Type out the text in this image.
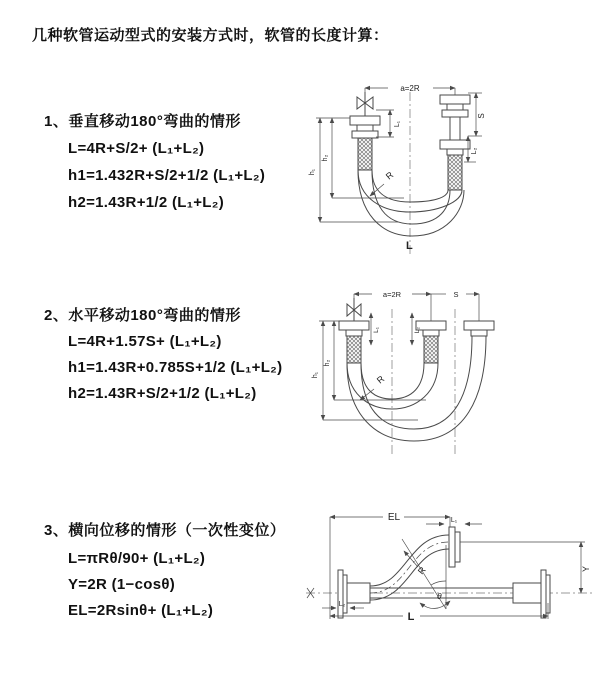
几种软管运动型式的安装方式时，软管的长度计算：
1、垂直移动180°弯曲的情形
L=4R+S/2+ (L₁+L₂)
h1=1.432R+S/2+1/2 (L₁+L₂)
h2=1.43R+1/2 (L₁+L₂)
2、水平移动180°弯曲的情形
L=4R+1.57S+ (L₁+L₂)
h1=1.43R+0.785S+1/2 (L₁+L₂)
h2=1.43R+S/2+1/2 (L₁+L₂)
3、横向位移的情形（一次性变位）
L=πRθ/90+ (L₁+L₂)
Y=2R (1−cosθ)
EL=2Rsinθ+ (L₁+L₂)
a=2R
L₁
S
L₂
h₁
h₂
R
L
a=2R	S
L₁	L₂
h₁
h₂
R
EL	L₁
L₂
Y
θ
R
L
